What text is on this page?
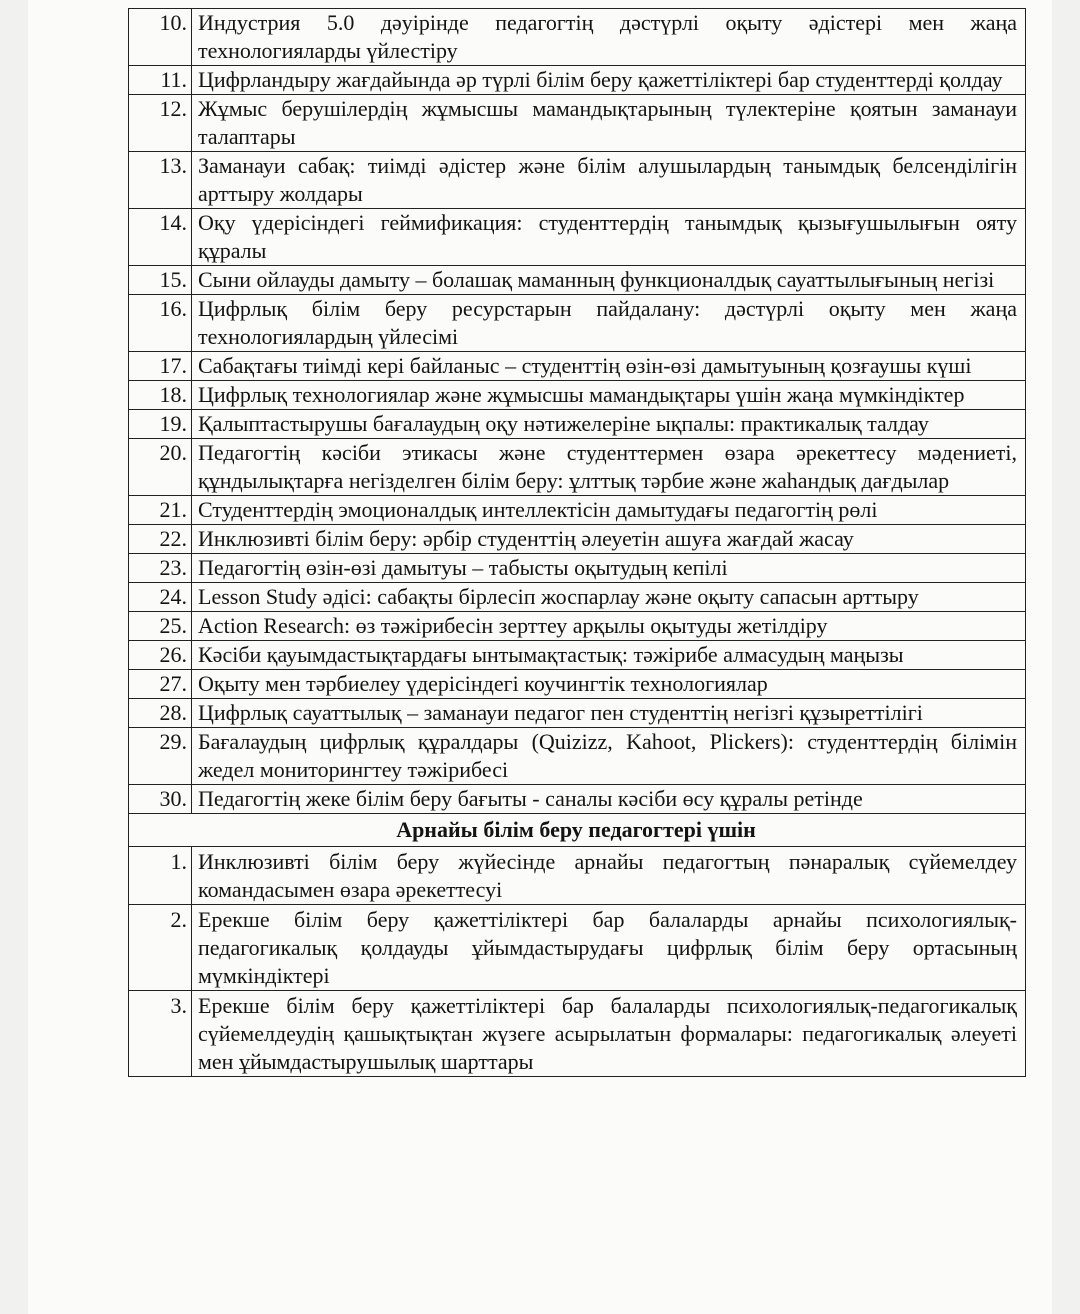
10.	Индустрия 5.0 дәуірінде педагогтің дәстүрлі оқыту әдістері мен жаңа технологияларды үйлестіру
11.	Цифрландыру жағдайында әр түрлі білім беру қажеттіліктері бар студенттерді қолдау
12.	Жұмыс берушілердің жұмысшы мамандықтарының түлектеріне қоятын заманауи талаптары
13.	Заманауи сабақ: тиімді әдістер және білім алушылардың танымдық белсенділігін арттыру жолдары
14.	Оқу үдерісіндегі геймификация: студенттердің танымдық қызығушылығын ояту құралы
15.	Сыни ойлауды дамыту – болашақ маманның функционалдық сауаттылығының негізі
16.	Цифрлық білім беру ресурстарын пайдалану: дәстүрлі оқыту мен жаңа технологиялардың үйлесімі
17.	Сабақтағы тиімді кері байланыс – студенттің өзін-өзі дамытуының қозғаушы күші
18.	Цифрлық технологиялар және жұмысшы мамандықтары үшін жаңа мүмкіндіктер
19.	Қалыптастырушы бағалаудың оқу нәтижелеріне ықпалы: практикалық талдау
20.	Педагогтің кәсіби этикасы және студенттермен өзара әрекеттесу мәдениеті, құндылықтарға негізделген білім беру: ұлттық тәрбие және жаһандық дағдылар
21.	Студенттердің эмоционалдық интеллектісін дамытудағы педагогтің рөлі
22.	Инклюзивті білім беру: әрбір студенттің әлеуетін ашуға жағдай жасау
23.	Педагогтің өзін-өзі дамытуы – табысты оқытудың кепілі
24.	Lesson Study әдісі: сабақты бірлесіп жоспарлау және оқыту сапасын арттыру
25.	Action Research: өз тәжірибесін зерттеу арқылы оқытуды жетілдіру
26.	Кәсіби қауымдастықтардағы ынтымақтастық: тәжірибе алмасудың маңызы
27.	Оқыту мен тәрбиелеу үдерісіндегі коучингтік технологиялар
28.	Цифрлық сауаттылық – заманауи педагог пен студенттің негізгі құзыреттілігі
29.	Бағалаудың цифрлық құралдары (Quizizz, Kahoot, Plickers): студенттердің білімін жедел мониторингтеу тәжірибесі
30.	Педагогтің жеке білім беру бағыты - саналы кәсіби өсу құралы ретінде
Арнайы білім беру педагогтері үшін	
1.	Инклюзивті білім беру жүйесінде арнайы педагогтың пәнаралық сүйемелдеу командасымен өзара әрекеттесуі
2.	Ерекше білім беру қажеттіліктері бар балаларды арнайы психологиялық-педагогикалық қолдауды ұйымдастырудағы цифрлық білім беру ортасының мүмкіндіктері
3.	Ерекше білім беру қажеттіліктері бар балаларды психологиялық-педагогикалық сүйемелдеудің қашықтықтан жүзеге асырылатын формалары: педагогикалық әлеуеті мен ұйымдастырушылық шарттары
